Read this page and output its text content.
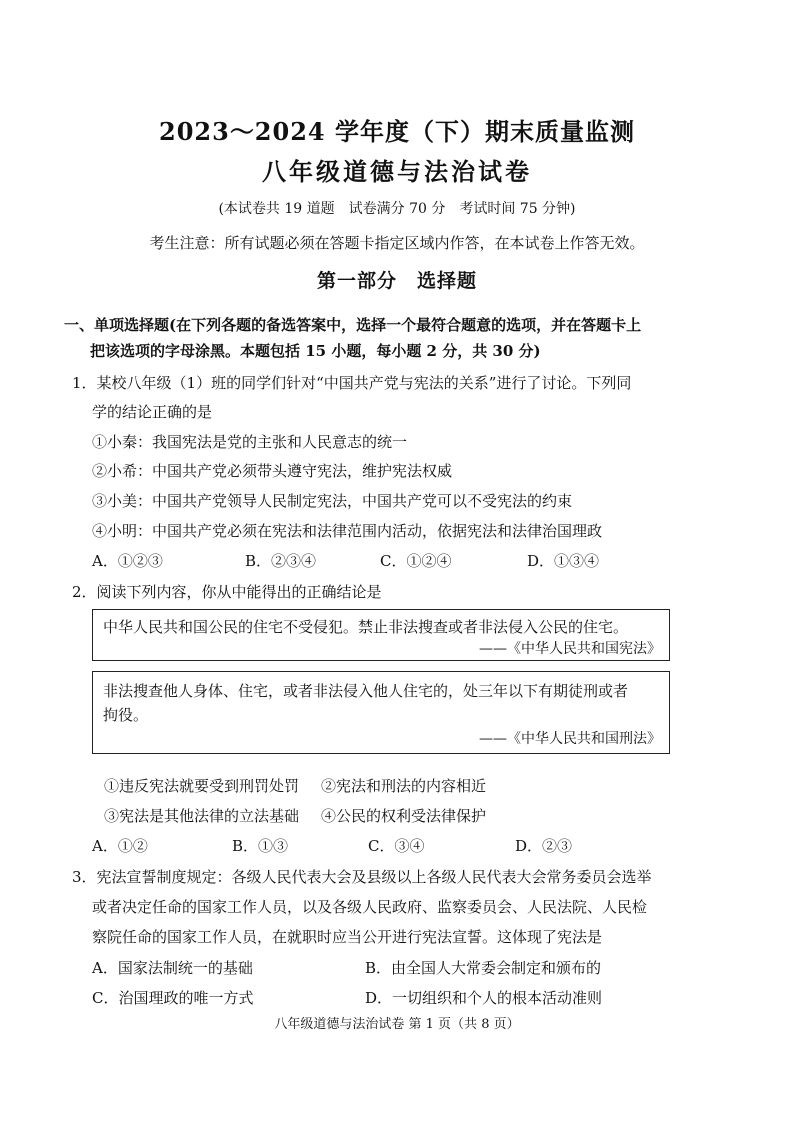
2023～2024 学年度（下）期末质量监测
八年级道德与法治试卷
(本试卷共 19 道题　试卷满分 70 分　考试时间 75 分钟)
考生注意：所有试题必须在答题卡指定区域内作答，在本试卷上作答无效。
第一部分　选择题
一、单项选择题(在下列各题的备选答案中，选择一个最符合题意的选项，并在答题卡上
把该选项的字母涂黑。本题包括 15 小题，每小题 2 分，共 30 分)
1．某校八年级（1）班的同学们针对“中国共产党与宪法的关系”进行了讨论。下列同
学的结论正确的是
①小秦：我国宪法是党的主张和人民意志的统一
②小希：中国共产党必须带头遵守宪法，维护宪法权威
③小美：中国共产党领导人民制定宪法，中国共产党可以不受宪法的约束
④小明：中国共产党必须在宪法和法律范围内活动，依据宪法和法律治国理政
A．①②③	B．②③④	C．①②④	D．①③④
2．阅读下列内容，你从中能得出的正确结论是
中华人民共和国公民的住宅不受侵犯。禁止非法搜查或者非法侵入公民的住宅。
——《中华人民共和国宪法》
非法搜查他人身体、住宅，或者非法侵入他人住宅的，处三年以下有期徒刑或者
拘役。
——《中华人民共和国刑法》
①违反宪法就要受到刑罚处罚 ②宪法和刑法的内容相近
③宪法是其他法律的立法基础 ④公民的权利受法律保护
A．①②	B．①③	C．③④	D．②③
3．宪法宣誓制度规定：各级人民代表大会及县级以上各级人民代表大会常务委员会选举
或者决定任命的国家工作人员，以及各级人民政府、监察委员会、人民法院、人民检
察院任命的国家工作人员，在就职时应当公开进行宪法宣誓。这体现了宪法是
A．国家法制统一的基础	B．由全国人大常委会制定和颁布的
C．治国理政的唯一方式	D．一切组织和个人的根本活动准则
八年级道德与法治试卷 第 1 页（共 8 页）
